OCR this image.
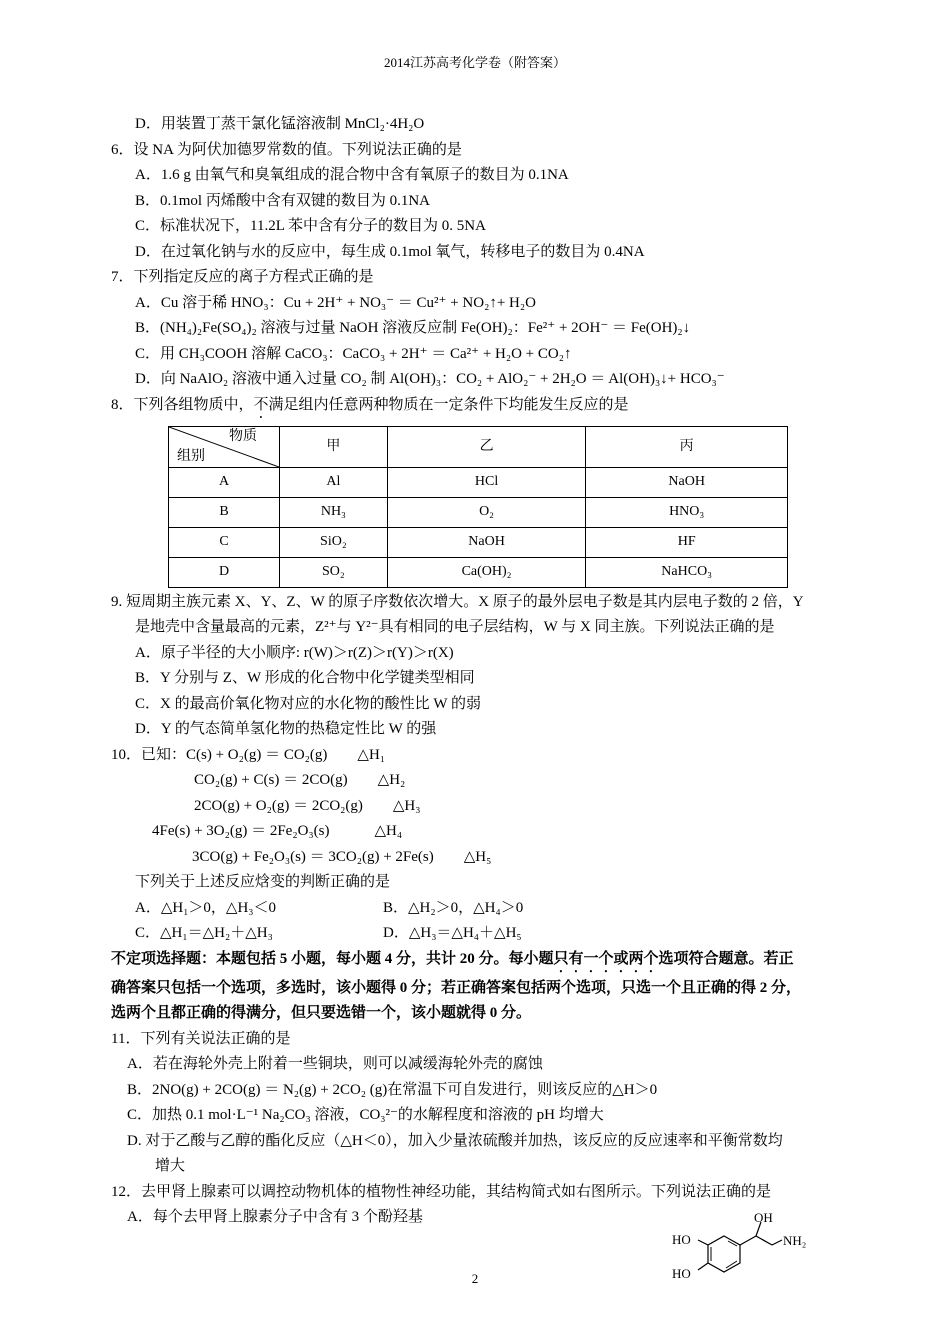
2014江苏高考化学卷（附答案）
D．用装置丁蒸干氯化锰溶液制 MnCl₂·4H₂O
6．设 NA 为阿伏加德罗常数的值。下列说法正确的是
A．1.6 g 由氧气和臭氧组成的混合物中含有氧原子的数目为 0.1NA
B．0.1mol 丙烯酸中含有双键的数目为 0.1NA
C．标准状况下，11.2L 苯中含有分子的数目为 0. 5NA
D．在过氧化钠与水的反应中，每生成 0.1mol 氧气，转移电子的数目为 0.4NA
7．下列指定反应的离子方程式正确的是
A．Cu 溶于稀 HNO₃：Cu + 2H⁺ + NO₃⁻ ＝ Cu²⁺ + NO₂↑+ H₂O
B．(NH₄)₂Fe(SO₄)₂ 溶液与过量 NaOH 溶液反应制 Fe(OH)₂：Fe²⁺ + 2OH⁻ ＝ Fe(OH)₂↓
C．用 CH₃COOH 溶解 CaCO₃：CaCO₃ + 2H⁺ ＝ Ca²⁺ + H₂O + CO₂↑
D．向 NaAlO₂ 溶液中通入过量 CO₂ 制 Al(OH)₃：CO₂ + AlO₂⁻ + 2H₂O ＝ Al(OH)₃↓+ HCO₃⁻
8．下列各组物质中，不满足组内任意两种物质在一定条件下均能发生反应的是
物质
组别	甲	乙	丙
A	Al	HCl	NaOH
B	NH₃	O₂	HNO₃
C	SiO₂	NaOH	HF
D	SO₂	Ca(OH)₂	NaHCO₃
9. 短周期主族元素 X、Y、Z、W 的原子序数依次增大。X 原子的最外层电子数是其内层电子数的 2 倍，Y
是地壳中含量最高的元素，Z²⁺与 Y²⁻具有相同的电子层结构，W 与 X 同主族。下列说法正确的是
A．原子半径的大小顺序: r(W)＞r(Z)＞r(Y)＞r(X)
B．Y 分别与 Z、W 形成的化合物中化学键类型相同
C．X 的最高价氧化物对应的水化物的酸性比 W 的弱
D．Y 的气态简单氢化物的热稳定性比 W 的强
10．已知：C(s) + O₂(g) ＝ CO₂(g)　　△H₁
CO₂(g) + C(s) ＝ 2CO(g)　　△H₂
2CO(g) + O₂(g) ＝ 2CO₂(g)　　△H₃
4Fe(s) + 3O₂(g) ＝ 2Fe₂O₃(s)　　　△H₄
3CO(g) + Fe₂O₃(s) ＝ 3CO₂(g) + 2Fe(s)　　△H₅
下列关于上述反应焓变的判断正确的是
A．△H₁＞0，△H₃＜0	B．△H₂＞0，△H₄＞0
C．△H₁＝△H₂＋△H₃	D．△H₃＝△H₄＋△H₅
不定项选择题：本题包括 5 小题，每小题 4 分，共计 20 分。每小题只有一个或两个选项符合题意。若正
确答案只包括一个选项，多选时，该小题得 0 分；若正确答案包括两个选项，只选一个且正确的得 2 分，
选两个且都正确的得满分，但只要选错一个，该小题就得 0 分。
11．下列有关说法正确的是
A．若在海轮外壳上附着一些铜块，则可以减缓海轮外壳的腐蚀
B．2NO(g) + 2CO(g) ＝ N₂(g) + 2CO₂ (g)在常温下可自发进行，则该反应的△H＞0
C．加热 0.1 mol·L⁻¹ Na₂CO₃ 溶液，CO₃²⁻的水解程度和溶液的 pH 均增大
D. 对于乙酸与乙醇的酯化反应（△H＜0），加入少量浓硫酸并加热，该反应的反应速率和平衡常数均
增大
12．去甲肾上腺素可以调控动物机体的植物性神经功能，其结构简式如右图所示。下列说法正确的是
A．每个去甲肾上腺素分子中含有 3 个酚羟基	OH
HO
HO
NH₂
2
